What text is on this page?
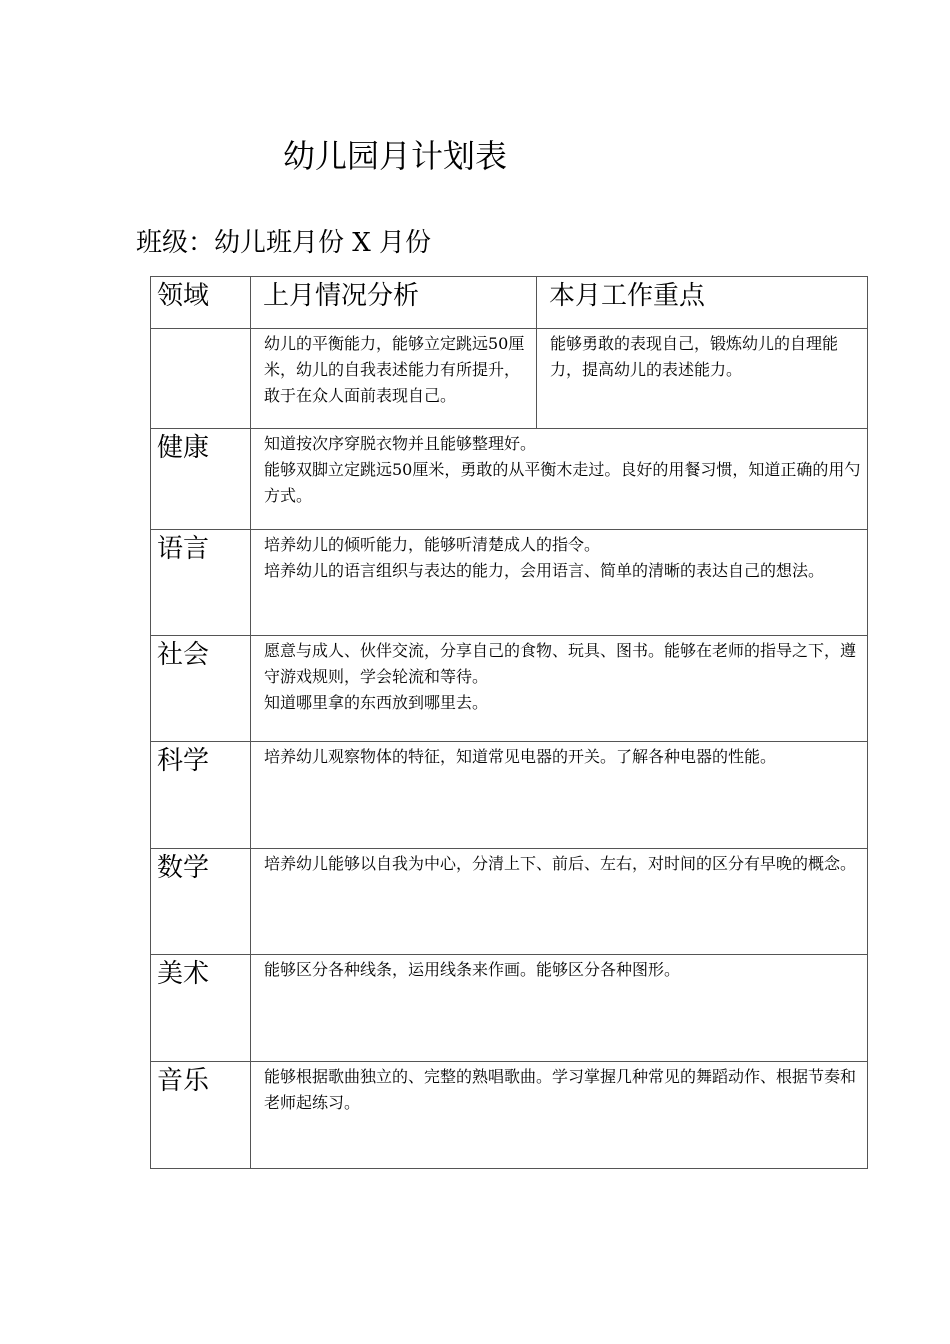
幼儿园月计划表

班级：幼儿班月份 X 月份

领域	上月情况分析	本月工作重点
	幼儿的平衡能力，能够立定跳远50厘米，幼儿的自我表述能力有所提升，敢于在众人面前表现自己。	能够勇敢的表现自己，锻炼幼儿的自理能力，提高幼儿的表述能力。
健康	知道按次序穿脱衣物并且能够整理好。
能够双脚立定跳远50厘米，勇敢的从平衡木走过。良好的用餐习惯，知道正确的用勺方式。	

语言	培养幼儿的倾听能力，能够听清楚成人的指令。
培养幼儿的语言组织与表达的能力，会用语言、简单的清晰的表达自己的想法。	

社会	愿意与成人、伙伴交流，分享自己的食物、玩具、图书。能够在老师的指导之下，遵守游戏规则，学会轮流和等待。
知道哪里拿的东西放到哪里去。	

科学	培养幼儿观察物体的特征，知道常见电器的开关。了解各种电器的性能。	

数学	培养幼儿能够以自我为中心，分清上下、前后、左右，对时间的区分有早晚的概念。	

美术	能够区分各种线条，运用线条来作画。能够区分各种图形。	

音乐	能够根据歌曲独立的、完整的熟唱歌曲。学习掌握几种常见的舞蹈动作、根据节奏和老师起练习。	
